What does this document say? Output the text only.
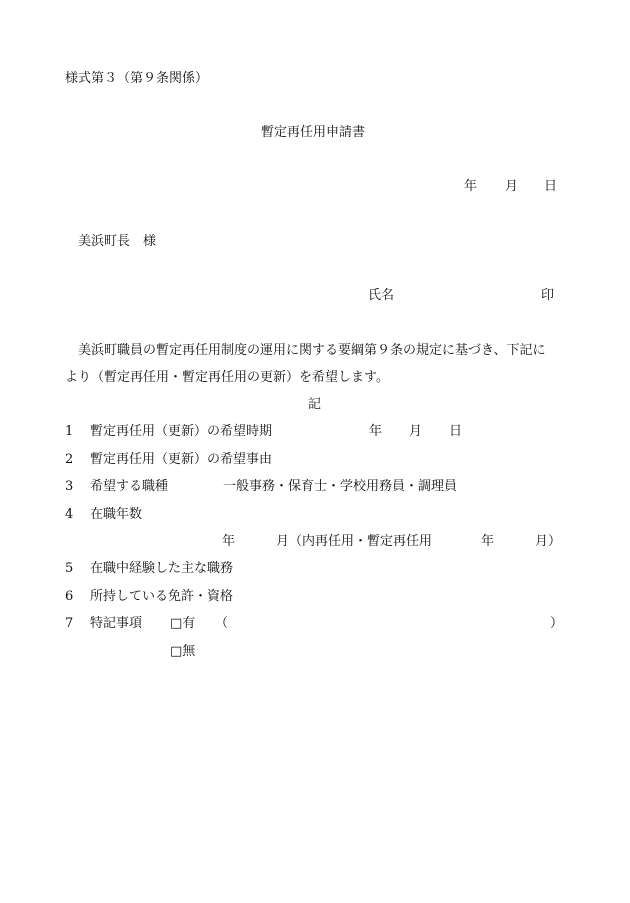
様式第３（第９条関係）
暫定再任用申請書
年 月 日
美浜町長　様
氏名	印
美浜町職員の暫定再任用制度の運用に関する要綱第９条の規定に基づき、下記に
より（暫定再任用・暫定再任用の更新）を希望します。
記
1 暫定再任用（更新）の希望時期	年 月 日
2 暫定再任用（更新）の希望事由
3 希望する職種	一般事務・保育士・学校用務員・調理員
4 在職年数
年	月（内再任用・暫定再任用	年	月）
5 在職中経験した主な職務
6 所持している免許・資格
7 特記事項 □有 （	）
□無
